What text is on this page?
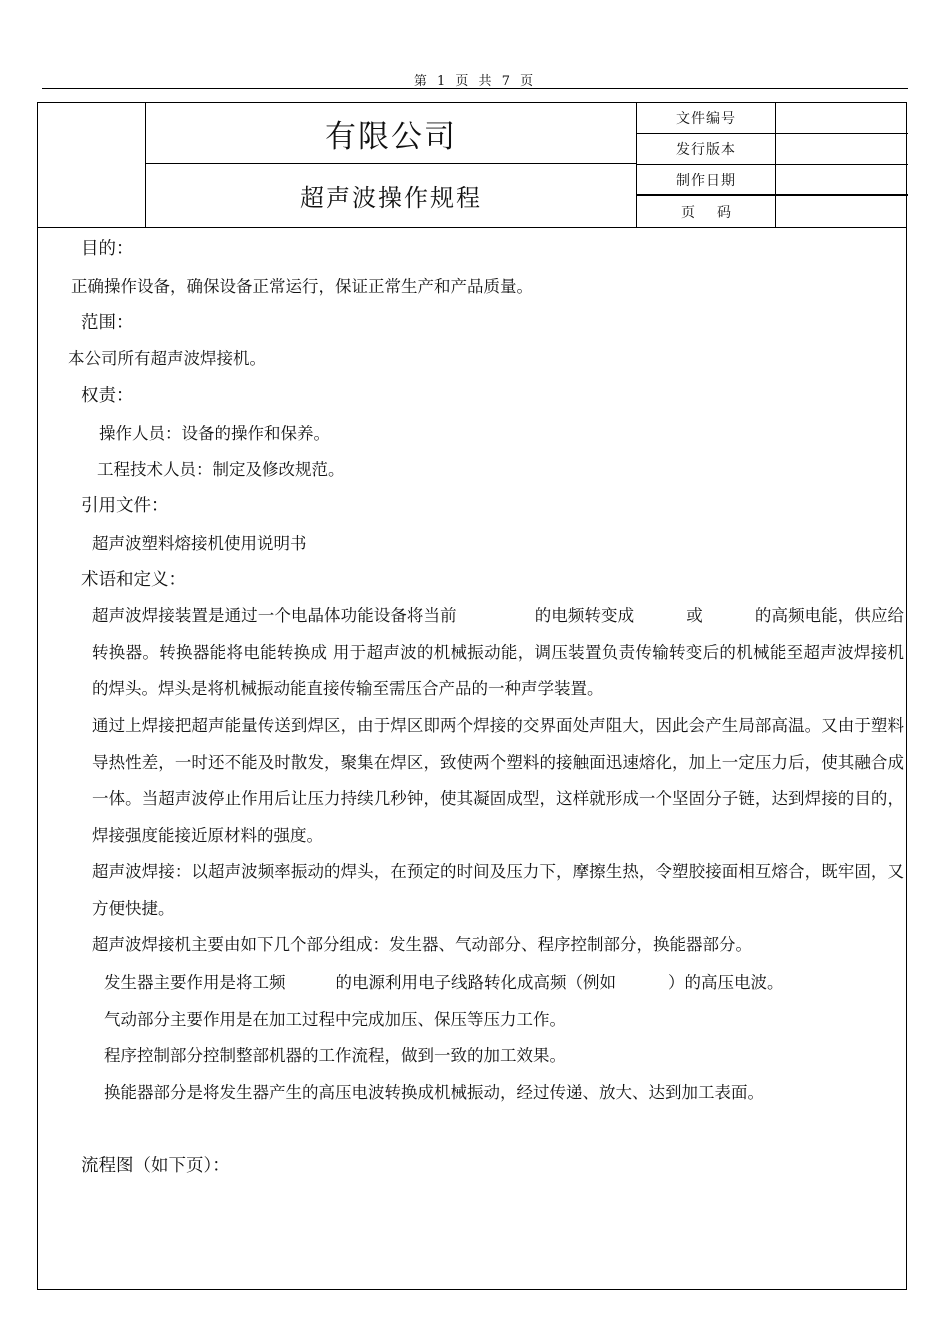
第 1 页 共 7 页
有限公司
超声波操作规程
文件编号
发行版本
制作日期
页码
目的：
正确操作设备，确保设备正常运行，保证正常生产和产品质量。
范围：
本公司所有超声波焊接机。
权责：
操作人员：设备的操作和保养。
工程技术人员：制定及修改规范。
引用文件：
超声波塑料熔接机使用说明书
术语和定义：
超声波焊接装置是通过一个电晶体功能设备将当前	的电频转变成	或	的高频电能，供应给转换器。转换器能将电能转换成 用于超声波的机械振动能，调压装置负责传输转变后的机械能至超声波焊接机的焊头。焊头是将机械振动能直接传输至需压合产品的一种声学装置。
通过上焊接把超声能量传送到焊区，由于焊区即两个焊接的交界面处声阻大，因此会产生局部高温。又由于塑料导热性差，一时还不能及时散发，聚集在焊区，致使两个塑料的接触面迅速熔化，加上一定压力后，使其融合成一体。当超声波停止作用后让压力持续几秒钟，使其凝固成型，这样就形成一个坚固分子链，达到焊接的目的，焊接强度能接近原材料的强度。
超声波焊接：以超声波频率振动的焊头，在预定的时间及压力下，摩擦生热，令塑胶接面相互熔合，既牢固，又方便快捷。
超声波焊接机主要由如下几个部分组成：发生器、气动部分、程序控制部分，换能器部分。
发生器主要作用是将工频	的电源利用电子线路转化成高频（例如	）的高压电波。
气动部分主要作用是在加工过程中完成加压、保压等压力工作。
程序控制部分控制整部机器的工作流程，做到一致的加工效果。
换能器部分是将发生器产生的高压电波转换成机械振动，经过传递、放大、达到加工表面。
流程图（如下页）：
